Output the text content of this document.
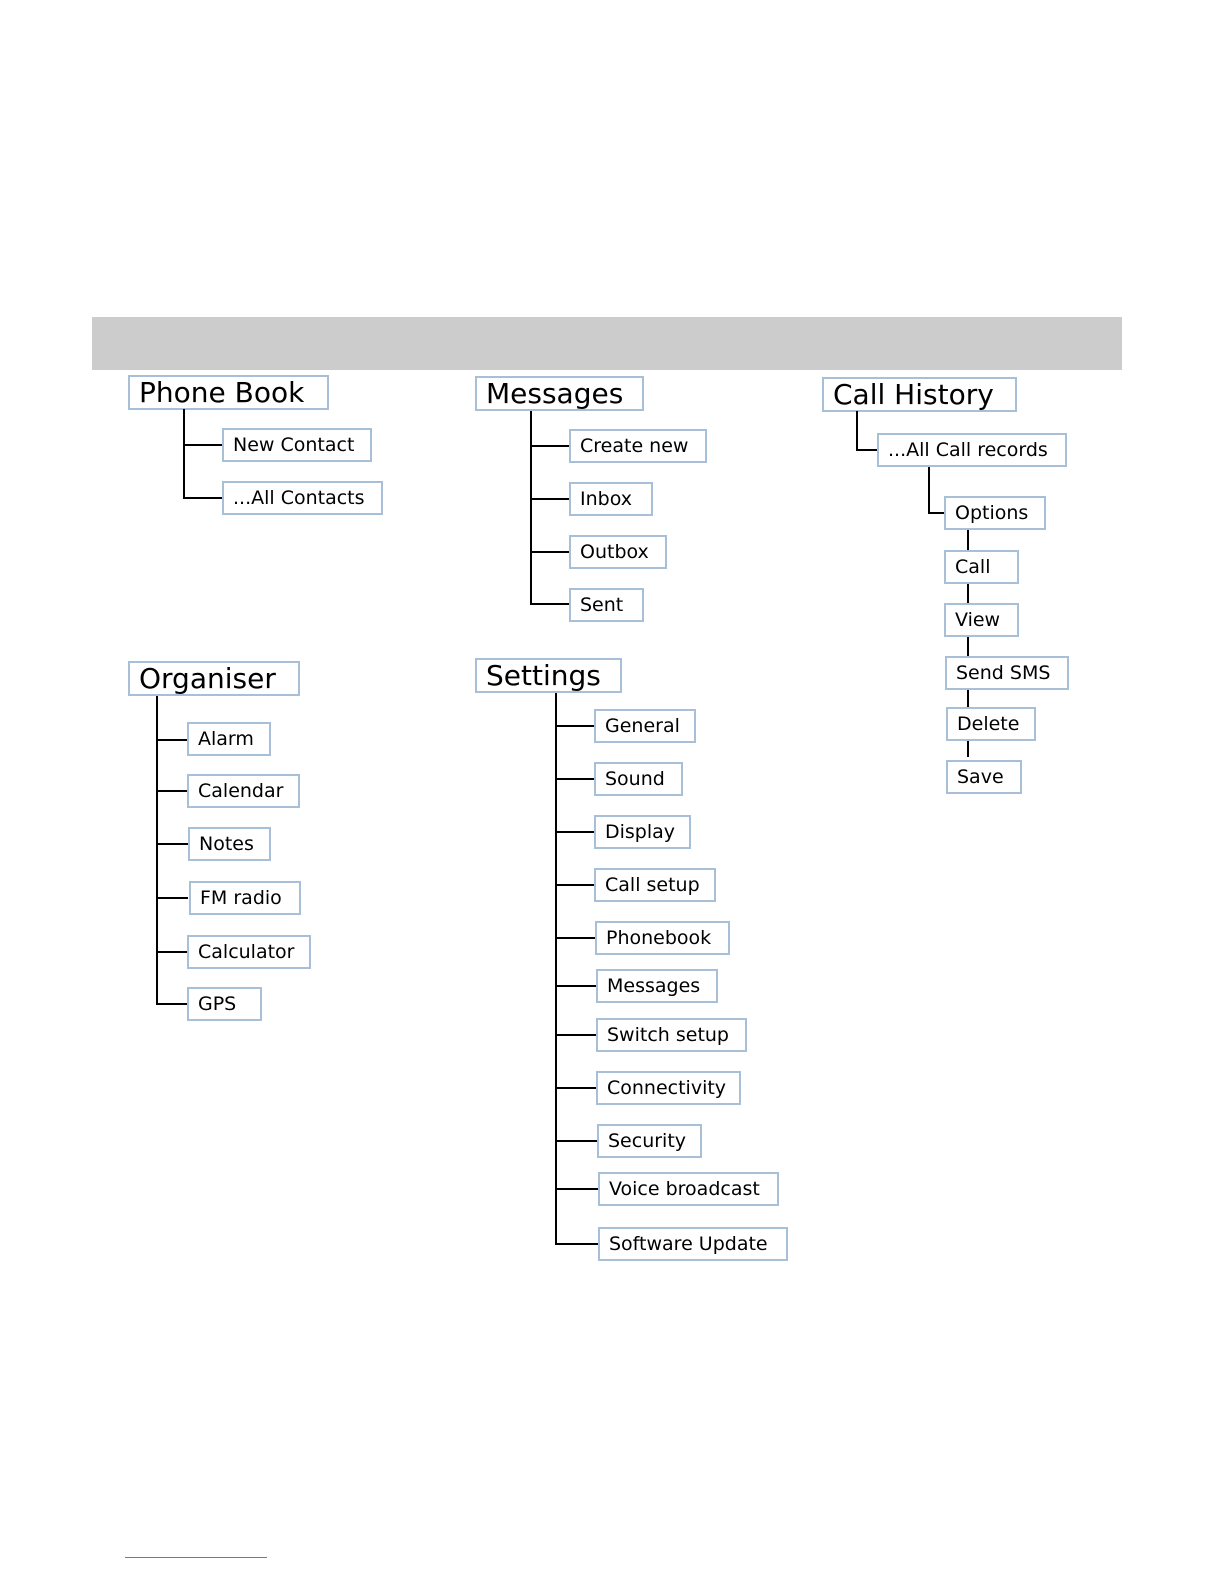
Phone Book
New Contact
...All Contacts
Messages
Create new
Inbox
Outbox
Sent
Call History
...All Call records
Options
Call
View
Send SMS
Delete
Save
Organiser
Alarm
Calendar
Notes
FM radio
Calculator
GPS
Settings
General
Sound
Display
Call setup
Phonebook
Messages
Switch setup
Connectivity
Security
Voice broadcast
Software Update
